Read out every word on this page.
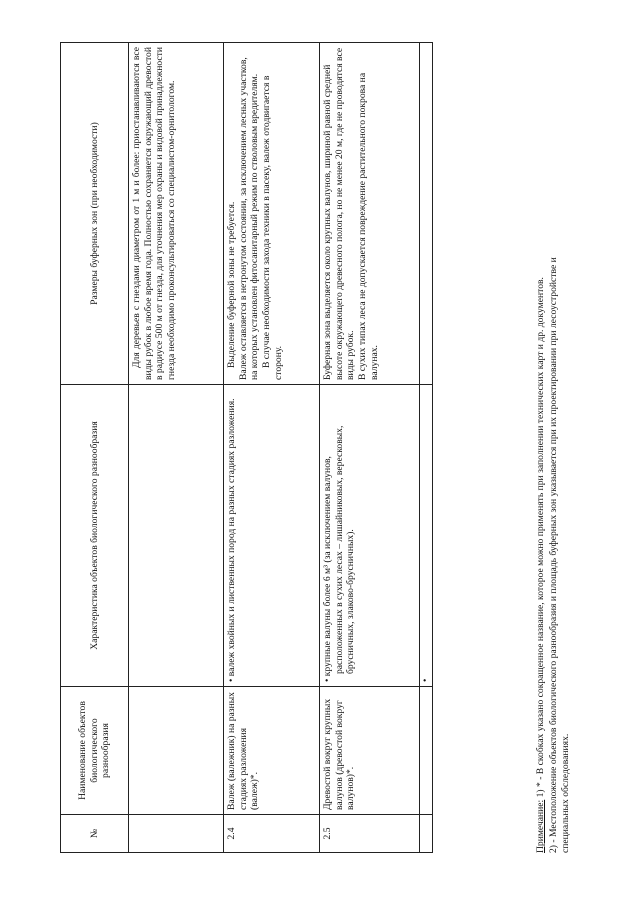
№	Наименование объектов биологического разнообразия	Характеристика объектов биологического разнообразия	Размеры буферных зон (при необходимости)
			Для деревьев с гнездами диаметром от 1 м и более: приостанавливаются все виды рубок в любое время года. Полностью сохраняется окружающий древостой в радиусе 500 м от гнезда, для уточнения мер охраны и видовой принадлежности гнезда необходимо проконсультироваться со специалистом-орнитологом.
2.4	Валеж (валежник) на разных стадиях разложения (валеж)*.	• валеж хвойных и лиственных пород на разных стадиях разложения.	Выделение буферной зоны не требуется. Валеж оставляется в нетронутом состоянии, за исключением лесных участков, на которых установлен фитосанитарный режим по стволовым вредителям. В случае необходимости захода техники в пасеку, валеж отодвигается в сторону.

2.5	Древостой вокруг крупных валунов (древостой вокруг валунов)*.	• крупные валуны более 6 м³ (за исключением валунов, расположенных в сухих лесах – лишайниковых, вересковых, брусничных, злаково-брусничных).	Буферная зона выделяется около крупных валунов, шириной равной средней высоте окружающего древесного полога, но не менее 20 м, где не проводятся все виды рубок. В сухих типах леса не допускается повреждение растительного покрова на валунах.

		•	
Примечание: 1) * - В скобках указано сокращенное название, которое можно применять при заполнении технических карт и др. документов. 2) - Местоположение объектов биологического разнообразия и площадь буферных зон указывается при их проектировании при лесоустройстве и специальных обследованиях.
